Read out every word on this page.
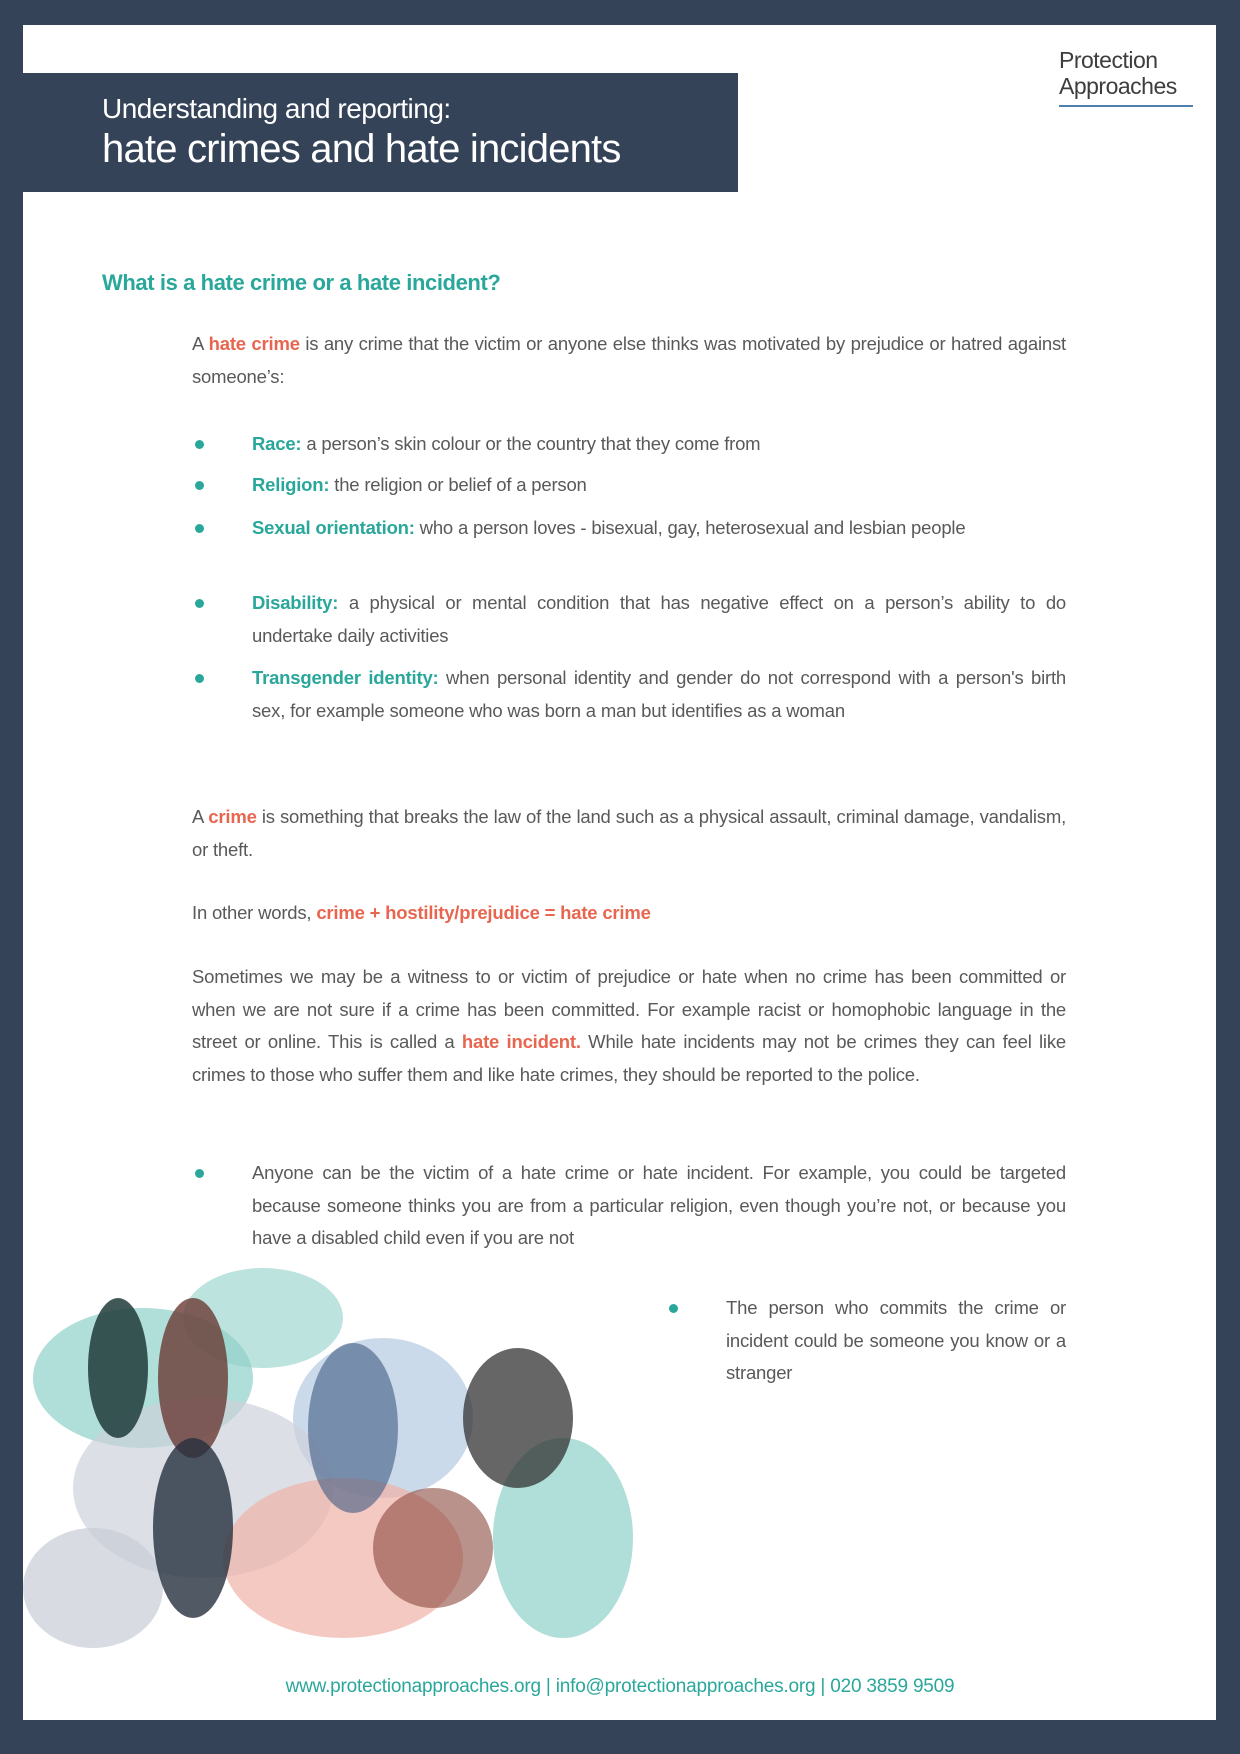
Understanding and reporting:
hate crimes and hate incidents
Protection
Approaches
What is a hate crime or a hate incident?
A hate crime is any crime that the victim or anyone else thinks was motivated by prejudice or hatred against someone’s:
Race: a person’s skin colour or the country that they come from
Religion: the religion or belief of a person
Sexual orientation: who a person loves - bisexual, gay, heterosexual and lesbian people
Disability: a physical or mental condition that has negative effect on a person’s ability to do undertake daily activities
Transgender identity: when personal identity and gender do not correspond with a person's birth sex, for example someone who was born a man but identifies as a woman
A crime is something that breaks the law of the land such as a physical assault, criminal damage, vandalism, or theft.
In other words, crime + hostility/prejudice = hate crime
Sometimes we may be a witness to or victim of prejudice or hate when no crime has been committed or when we are not sure if a crime has been committed. For example racist or homophobic language in the street or online. This is called a hate incident. While hate incidents may not be crimes they can feel like crimes to those who suffer them and like hate crimes, they should be reported to the police.
Anyone can be the victim of a hate crime or hate incident. For example, you could be targeted because someone thinks you are from a particular religion, even though you’re not, or because you have a disabled child even if you are not
The person who commits the crime or incident could be someone you know or a stranger
www.protectionapproaches.org | info@protectionapproaches.org | 020 3859 9509
